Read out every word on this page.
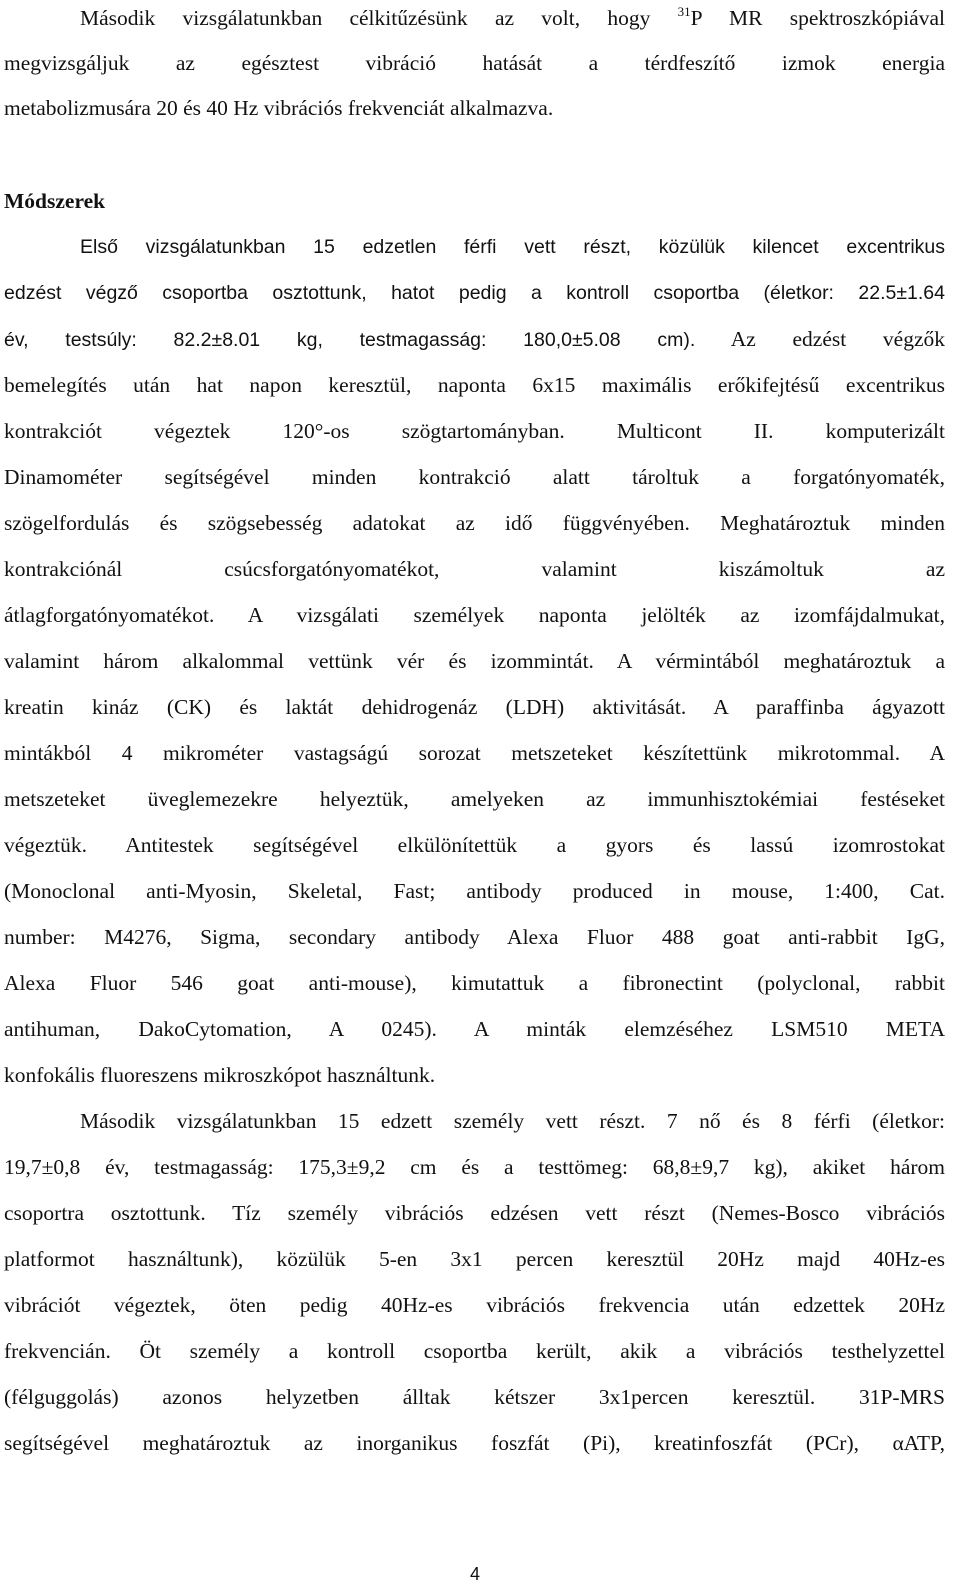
Második vizsgálatunkban célkitűzésünk az volt, hogy $^{31}$P MR spektroszkópiával
megvizsgáljuk az egésztest vibráció hatását a térdfeszítő izmok energia
metabolizmusára 20 és 40 Hz vibrációs frekvenciát alkalmazva.
Módszerek
Első vizsgálatunkban 15 edzetlen férfi vett részt, közülük kilencet excentrikus
edzést végző csoportba osztottunk, hatot pedig a kontroll csoportba (életkor: 22.5±1.64
év, testsúly: 82.2±8.01 kg, testmagasság: 180,0±5.08 cm). Az edzést végzők
bemelegítés után hat napon keresztül, naponta 6x15 maximális erőkifejtésű excentrikus
kontrakciót végeztek 120°-os szögtartományban. Multicont II. komputerizált
Dinamométer segítségével minden kontrakció alatt tároltuk a forgatónyomaték,
szögelfordulás és szögsebesség adatokat az idő függvényében. Meghatároztuk minden
kontrakciónál csúcsforgatónyomatékot, valamint kiszámoltuk az
átlagforgatónyomatékot. A vizsgálati személyek naponta jelölték az izomfájdalmukat,
valamint három alkalommal vettünk vér és izommintát. A vérmintából meghatároztuk a
kreatin kináz (CK) és laktát dehidrogenáz (LDH) aktivitását. A paraffinba ágyazott
mintákból 4 mikrométer vastagságú sorozat metszeteket készítettünk mikrotommal. A
metszeteket üveglemezekre helyeztük, amelyeken az immunhisztokémiai festéseket
végeztük. Antitestek segítségével elkülönítettük a gyors és lassú izomrostokat
(Monoclonal anti-Myosin, Skeletal, Fast; antibody produced in mouse, 1:400, Cat.
number: M4276, Sigma, secondary antibody Alexa Fluor 488 goat anti-rabbit IgG,
Alexa Fluor 546 goat anti-mouse), kimutattuk a fibronectint (polyclonal, rabbit
antihuman, DakoCytomation, A 0245). A minták elemzéséhez LSM510 META
konfokális fluoreszens mikroszkópot használtunk.
Második vizsgálatunkban 15 edzett személy vett részt. 7 nő és 8 férfi (életkor:
19,7±0,8 év, testmagasság: 175,3±9,2 cm és a testtömeg: 68,8±9,7 kg), akiket három
csoportra osztottunk. Tíz személy vibrációs edzésen vett részt (Nemes-Bosco vibrációs
platformot használtunk), közülük 5-en 3x1 percen keresztül 20Hz majd 40Hz-es
vibrációt végeztek, öten pedig 40Hz-es vibrációs frekvencia után edzettek 20Hz
frekvencián. Öt személy a kontroll csoportba került, akik a vibrációs testhelyzettel
(félguggolás) azonos helyzetben álltak kétszer 3x1percen keresztül. 31P-MRS
segítségével meghatároztuk az inorganikus foszfát (Pi), kreatinfoszfát (PCr), αATP,
4
